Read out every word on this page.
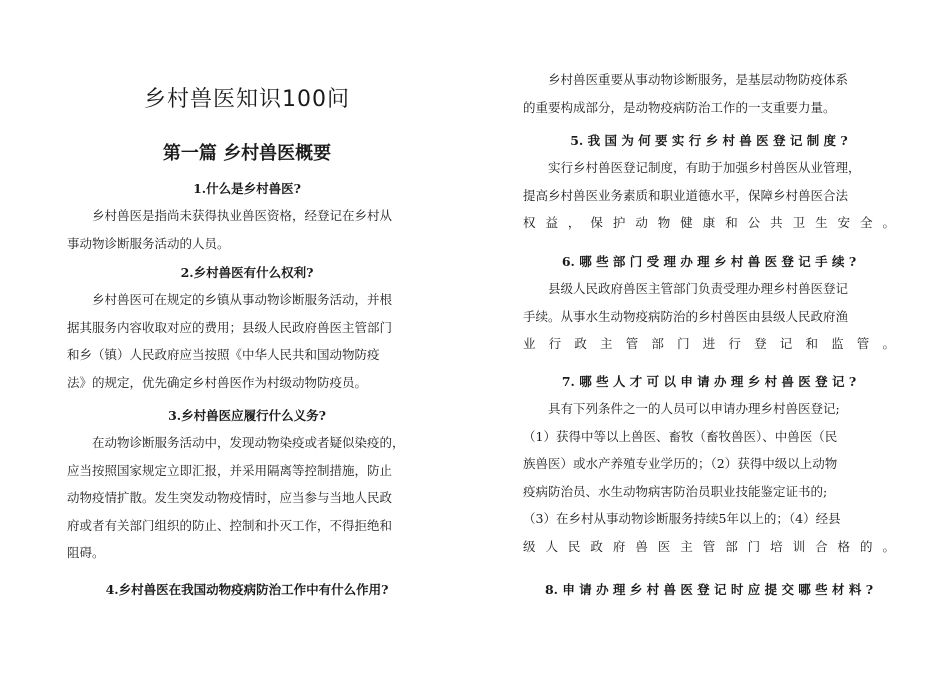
乡村兽医知识100问
第一篇 乡村兽医概要
1.什么是乡村兽医?
乡村兽医是指尚未获得执业兽医资格，经登记在乡村从
事动物诊断服务活动的人员。
2.乡村兽医有什么权利?
乡村兽医可在规定的乡镇从事动物诊断服务活动，并根
据其服务内容收取对应的费用；县级人民政府兽医主管部门
和乡（镇）人民政府应当按照《中华人民共和国动物防疫
法》的规定，优先确定乡村兽医作为村级动物防疫员。
3.乡村兽医应履行什么义务?
在动物诊断服务活动中，发现动物染疫或者疑似染疫的，
应当按照国家规定立即汇报，并采用隔离等控制措施，防止
动物疫情扩散。发生突发动物疫情时，应当参与当地人民政
府或者有关部门组织的防止、控制和扑灭工作，不得拒绝和
阻碍。
4.乡村兽医在我国动物疫病防治工作中有什么作用?
乡村兽医重要从事动物诊断服务，是基层动物防疫体系
的重要构成部分，是动物疫病防治工作的一支重要力量。
5. 我 国 为 何 要 实 行 乡 村 兽 医 登 记 制 度 ?
实行乡村兽医登记制度，有助于加强乡村兽医从业管理，
提高乡村兽医业务素质和职业道德水平，保障乡村兽医合法
权益，保护动物健康和公共卫生安全。
6. 哪 些 部 门 受 理 办 理 乡 村 兽 医 登 记 手 续 ?
县级人民政府兽医主管部门负责受理办理乡村兽医登记
手续。从事水生动物疫病防治的乡村兽医由县级人民政府渔
业行政主管部门进行登记和监管。
7. 哪 些 人 才 可 以 申 请 办 理 乡 村 兽 医 登 记 ?
具有下列条件之一的人员可以申请办理乡村兽医登记;
（1）获得中等以上兽医、畜牧（畜牧兽医）、中兽医（民
族兽医）或水产养殖专业学历的；（2）获得中级以上动物
疫病防治员、水生动物病害防治员职业技能鉴定证书的;
（3）在乡村从事动物诊断服务持续5年以上的；（4）经县
级人民政府兽医主管部门培训合格的。
8. 申 请 办 理 乡 村 兽 医 登 记 时 应 提 交 哪 些 材 料 ?
